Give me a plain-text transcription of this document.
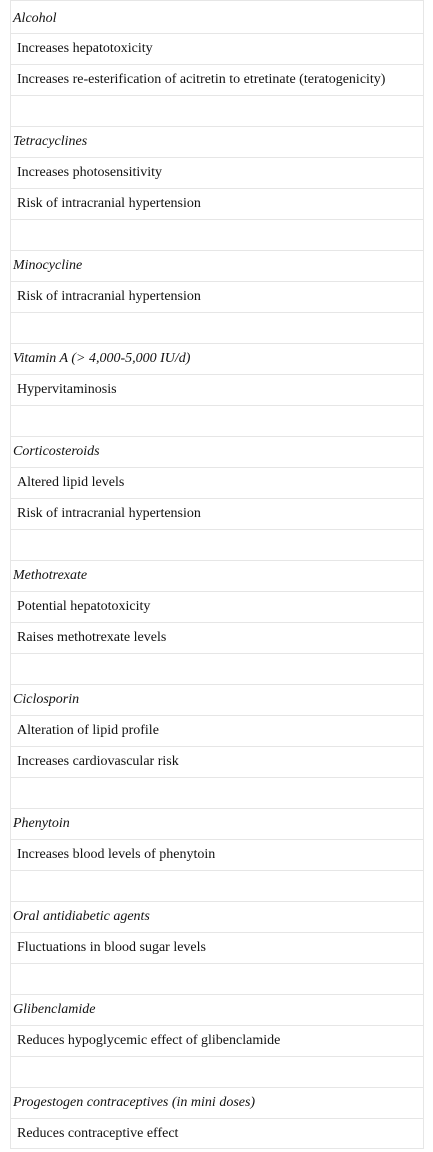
Alcohol
Increases hepatotoxicity
Increases re-esterification of acitretin to etretinate (teratogenicity)
Tetracyclines
Increases photosensitivity
Risk of intracranial hypertension
Minocycline
Risk of intracranial hypertension
Vitamin A (> 4,000-5,000 IU/d)
Hypervitaminosis
Corticosteroids
Altered lipid levels
Risk of intracranial hypertension
Methotrexate
Potential hepatotoxicity
Raises methotrexate levels
Ciclosporin
Alteration of lipid profile
Increases cardiovascular risk
Phenytoin
Increases blood levels of phenytoin
Oral antidiabetic agents
Fluctuations in blood sugar levels
Glibenclamide
Reduces hypoglycemic effect of glibenclamide
Progestogen contraceptives (in mini doses)
Reduces contraceptive effect
